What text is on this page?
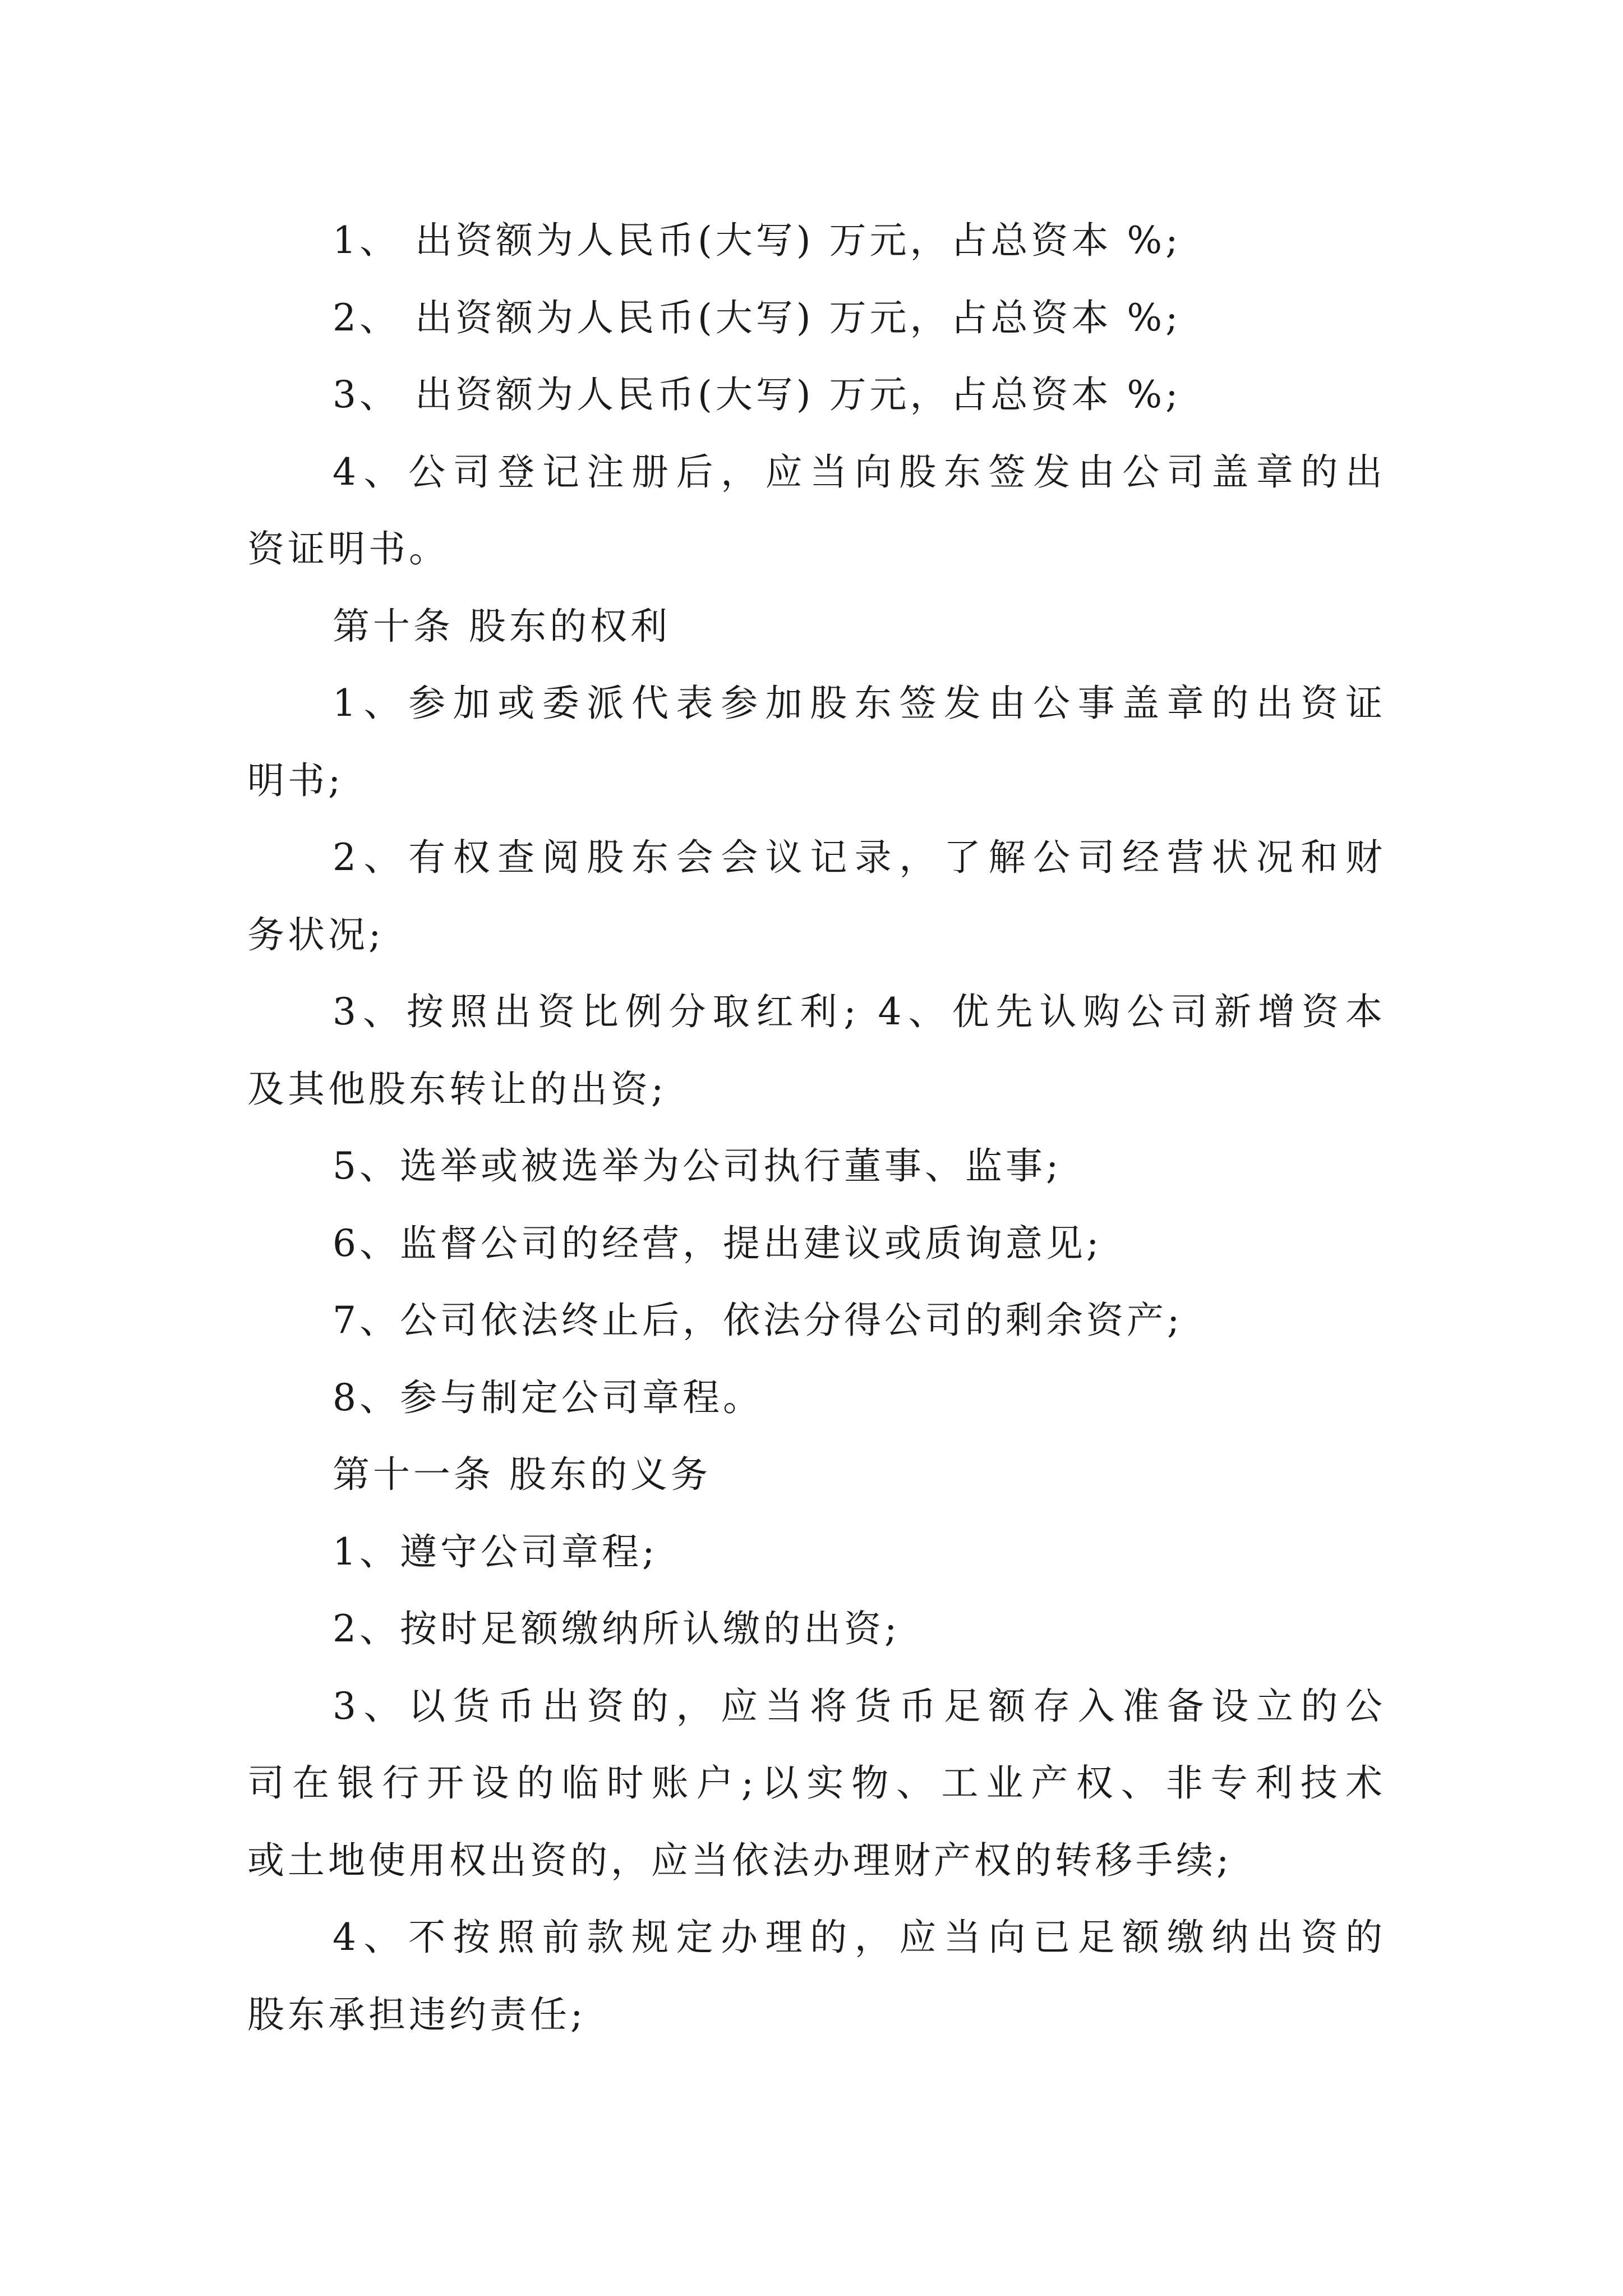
1、 出资额为人民币(大写) 万元，占总资本 %;
2、 出资额为人民币(大写) 万元，占总资本 %;
3、 出资额为人民币(大写) 万元，占总资本 %;
4、公司登记注册后，应当向股东签发由公司盖章的出
资证明书。
第十条 股东的权利
1、参加或委派代表参加股东签发由公事盖章的出资证
明书;
2、有权查阅股东会会议记录，了解公司经营状况和财
务状况;
3、按照出资比例分取红利; 4、优先认购公司新增资本
及其他股东转让的出资;
5、选举或被选举为公司执行董事、监事;
6、监督公司的经营，提出建议或质询意见;
7、公司依法终止后，依法分得公司的剩余资产;
8、参与制定公司章程。
第十一条 股东的义务
1、遵守公司章程;
2、按时足额缴纳所认缴的出资;
3、以货币出资的，应当将货币足额存入准备设立的公
司在银行开设的临时账户;以实物、工业产权、非专利技术
或土地使用权出资的，应当依法办理财产权的转移手续;
4、不按照前款规定办理的，应当向已足额缴纳出资的
股东承担违约责任;
